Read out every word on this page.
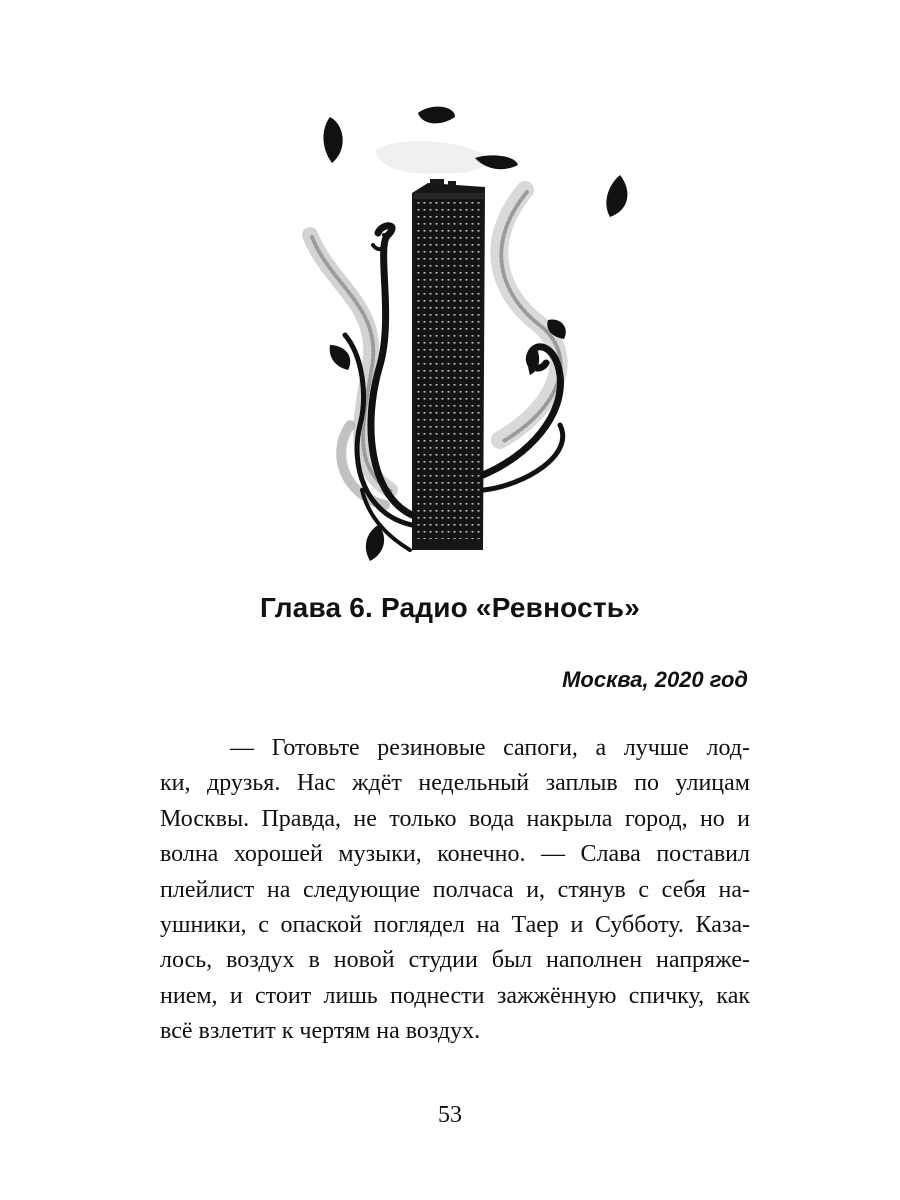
Глава 6. Радио «Ревность»

Москва, 2020 год

— Готовьте резиновые сапоги, а лучше лод-
ки, друзья. Нас ждёт недельный заплыв по улицам
Москвы. Правда, не только вода накрыла город, но и
волна хорошей музыки, конечно. — Слава поставил
плейлист на следующие полчаса и, стянув с себя на-
ушники, с опаской поглядел на Таер и Субботу. Каза-
лось, воздух в новой студии был наполнен напряже-
нием, и стоит лишь поднести зажжённую спичку, как
всё взлетит к чертям на воздух.

53
